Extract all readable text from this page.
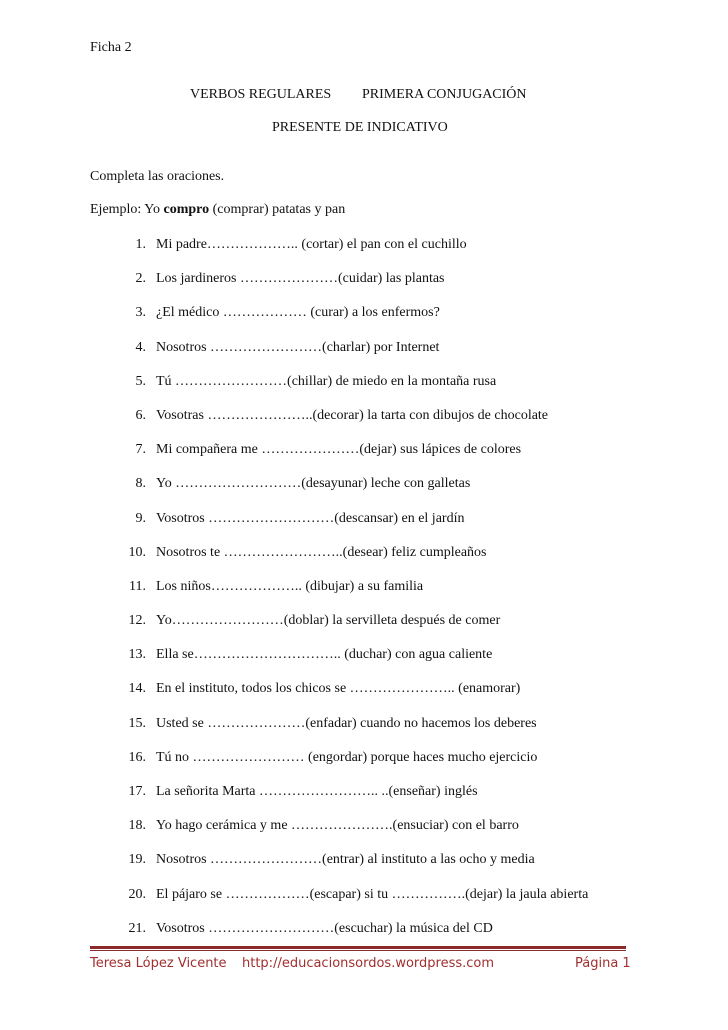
Ficha 2
VERBOS REGULARES PRIMERA CONJUGACIÓN
PRESENTE DE INDICATIVO
Completa las oraciones.
Ejemplo: Yo compro (comprar) patatas y pan
1. Mi padre……………….. (cortar) el pan con el cuchillo
2. Los jardineros …………………(cuidar) las plantas
3. ¿El médico ……………… (curar) a los enfermos?
4. Nosotros ……………………(charlar) por Internet
5. Tú ……………………(chillar) de miedo en la montaña rusa
6. Vosotras …………………..(decorar) la tarta con dibujos de chocolate
7. Mi compañera me …………………(dejar) sus lápices de colores
8. Yo ………………………(desayunar) leche con galletas
9. Vosotros ………………………(descansar) en el jardín
10. Nosotros te ……………………..(desear) feliz cumpleaños
11. Los niños……………….. (dibujar) a su familia
12. Yo……………………(doblar) la servilleta después de comer
13. Ella se………………………….. (duchar) con agua caliente
14. En el instituto, todos los chicos se ………………….. (enamorar)
15. Usted se …………………(enfadar) cuando no hacemos los deberes
16. Tú no …………………… (engordar) porque haces mucho ejercicio
17. La señorita Marta …………………….. ..(enseñar) inglés
18. Yo hago cerámica y me ………………….(ensuciar) con el barro
19. Nosotros ……………………(entrar) al instituto a las ocho y media
20. El pájaro se ………………(escapar) si tu …………….(dejar) la jaula abierta
21. Vosotros ………………………(escuchar) la música del CD
Teresa López Vicente http://educacionsordos.wordpress.com	Página 1
